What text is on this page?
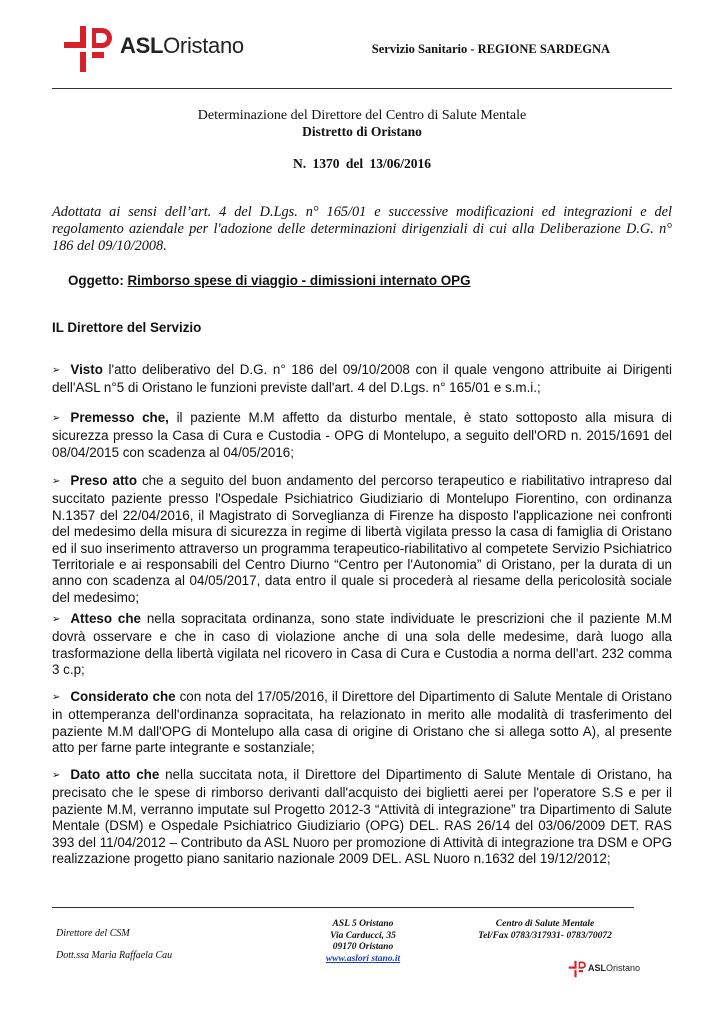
ASLOristano	Servizio Sanitario - REGIONE SARDEGNA
Determinazione del Direttore del Centro di Salute Mentale
Distretto di Oristano
N. 1370 del 13/06/2016
Adottata ai sensi dell’art. 4 del D.Lgs. n° 165/01 e successive modificazioni ed integrazioni e del regolamento aziendale per l'adozione delle determinazioni dirigenziali di cui alla Deliberazione D.G. n° 186 del 09/10/2008.
Oggetto: Rimborso spese di viaggio - dimissioni internato OPG
IL Direttore del Servizio
➢ Visto l'atto deliberativo del D.G. n° 186 del 09/10/2008 con il quale vengono attribuite ai Dirigenti dell'ASL n°5 di Oristano le funzioni previste dall'art. 4 del D.Lgs. n° 165/01 e s.m.i.;
➢ Premesso che, il paziente M.M affetto da disturbo mentale, è stato sottoposto alla misura di sicurezza presso la Casa di Cura e Custodia - OPG di Montelupo, a seguito dell'ORD n. 2015/1691 del 08/04/2015 con scadenza al 04/05/2016;
➢ Preso atto che a seguito del buon andamento del percorso terapeutico e riabilitativo intrapreso dal succitato paziente presso l'Ospedale Psichiatrico Giudiziario di Montelupo Fiorentino, con ordinanza N.1357 del 22/04/2016, il Magistrato di Sorveglianza di Firenze ha disposto l'applicazione nei confronti del medesimo della misura di sicurezza in regime di libertà vigilata presso la casa di famiglia di Oristano ed il suo inserimento attraverso un programma terapeutico-riabilitativo al competete Servizio Psichiatrico Territoriale e ai responsabili del Centro Diurno “Centro per l'Autonomia” di Oristano, per la durata di un anno con scadenza al 04/05/2017, data entro il quale si procederà al riesame della pericolosità sociale del medesimo;
➢ Atteso che nella sopracitata ordinanza, sono state individuate le prescrizioni che il paziente M.M dovrà osservare e che in caso di violazione anche di una sola delle medesime, darà luogo alla trasformazione della libertà vigilata nel ricovero in Casa di Cura e Custodia a norma dell'art. 232 comma 3 c.p;
➢ Considerato che con nota del 17/05/2016, il Direttore del Dipartimento di Salute Mentale di Oristano in ottemperanza dell'ordinanza sopracitata, ha relazionato in merito alle modalità di trasferimento del paziente M.M dall'OPG di Montelupo alla casa di origine di Oristano che si allega sotto A), al presente atto per farne parte integrante e sostanziale;
➢ Dato atto che nella succitata nota, il Direttore del Dipartimento di Salute Mentale di Oristano, ha precisato che le spese di rimborso derivanti dall'acquisto dei biglietti aerei per l'operatore S.S e per il paziente M.M, verranno imputate sul Progetto 2012-3 “Attività di integrazione” tra Dipartimento di Salute Mentale (DSM) e Ospedale Psichiatrico Giudiziario (OPG) DEL. RAS 26/14 del 03/06/2009 DET. RAS 393 del 11/04/2012 – Contributo da ASL Nuoro per promozione di Attività di integrazione tra DSM e OPG realizzazione progetto piano sanitario nazionale 2009 DEL. ASL Nuoro n.1632 del 19/12/2012;
Direttore del CSM
Dott.ssa Maria Raffaela Cau
ASL 5 Oristano
Via Carducci, 35
09170 Oristano
www.aslori stano.it
Centro di Salute Mentale
Tel/Fax 0783/317931- 0783/70072
ASLOristano
